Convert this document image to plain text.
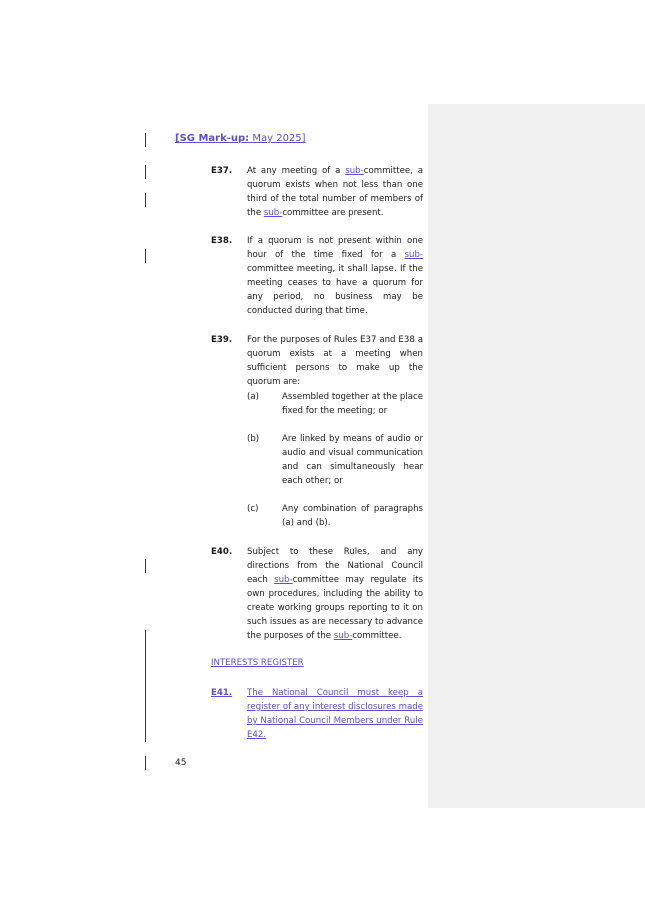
[SG Mark-up: May 2025]
E37. At any meeting of a sub-committee, a quorum exists when not less than one third of the total number of members of the sub-committee are present.
E38. If a quorum is not present within one hour of the time fixed for a sub-committee meeting, it shall lapse. If the meeting ceases to have a quorum for any period, no business may be conducted during that time.
E39. For the purposes of Rules E37 and E38 a quorum exists at a meeting when sufficient persons to make up the quorum are:
(a)	Assembled together at the place fixed for the meeting; or
(b)	Are linked by means of audio or audio and visual communication and can simultaneously hear each other; or
(c)	Any combination of paragraphs (a) and (b).
E40. Subject to these Rules, and any directions from the National Council each sub-committee may regulate its own procedures, including the ability to create working groups reporting to it on such issues as are necessary to advance the purposes of the sub-committee.
INTERESTS REGISTER
E41. The National Council must keep a register of any interest disclosures made by National Council Members under Rule E42.
45
